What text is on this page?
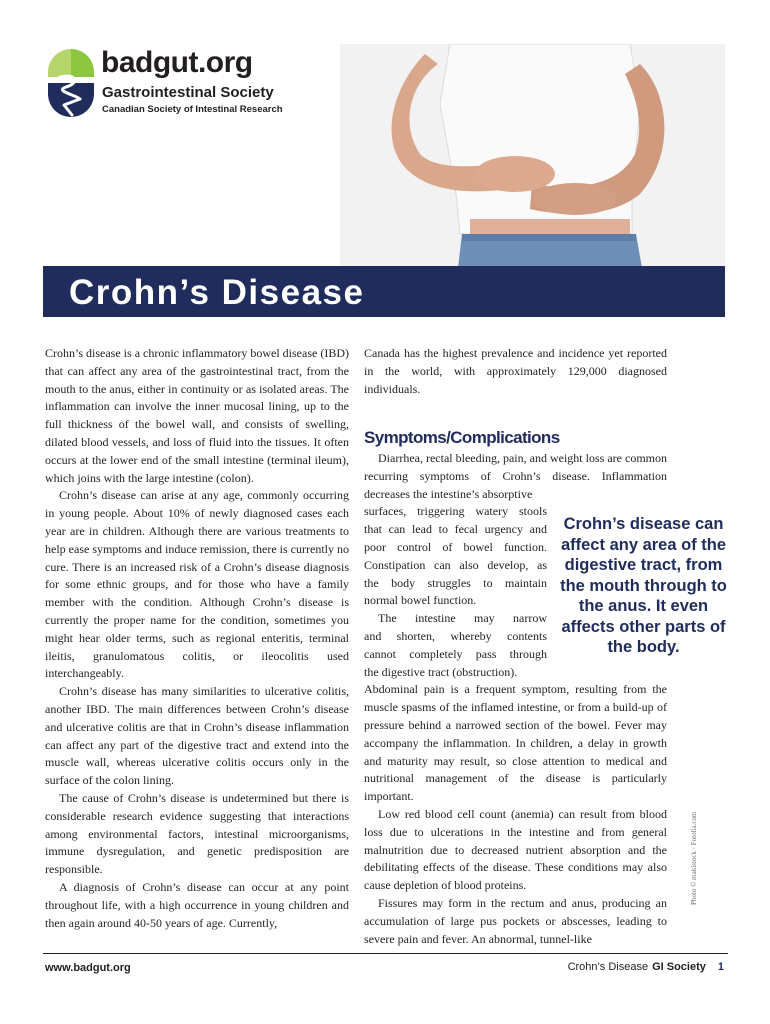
badgut.org
Gastrointestinal Society
Canadian Society of Intestinal Research
Crohn’s Disease

Crohn’s disease is a chronic inflammatory bowel disease (IBD) that can affect any area of the gastrointestinal tract, from the mouth to the anus, either in continuity or as isolated areas. The inflammation can involve the inner mucosal lining, up to the full thickness of the bowel wall, and consists of swelling, dilated blood vessels, and loss of fluid into the tissues. It often occurs at the lower end of the small intestine (terminal ileum), which joins with the large intestine (colon).

Crohn’s disease can arise at any age, commonly occurring in young people. About 10% of newly diagnosed cases each year are in children. Although there are various treatments to help ease symptoms and induce remission, there is currently no cure. There is an increased risk of a Crohn’s disease diagnosis for some ethnic groups, and for those who have a family member with the condition. Although Crohn’s disease is currently the proper name for the condition, sometimes you might hear older terms, such as regional enteritis, terminal ileitis, granulomatous colitis, or ileocolitis used interchangeably.

Crohn’s disease has many similarities to ulcerative colitis, another IBD. The main differences between Crohn’s disease and ulcerative colitis are that in Crohn’s disease inflammation can affect any part of the digestive tract and extend into the muscle wall, whereas ulcerative colitis occurs only in the surface of the colon lining.

The cause of Crohn’s disease is undetermined but there is considerable research evidence suggesting that interactions among environmental factors, intestinal microorganisms, immune dysregulation, and genetic predisposition are responsible.

A diagnosis of Crohn’s disease can occur at any point throughout life, with a high occurrence in young children and then again around 40-50 years of age. Currently,

Canada has the highest prevalence and incidence yet reported in the world, with approximately 129,000 diagnosed individuals.

Symptoms/Complications

Diarrhea, rectal bleeding, pain, and weight loss are common recurring symptoms of Crohn’s disease. Inflammation decreases the intestine’s absorptive

surfaces, triggering watery stools
that can lead to fecal urgency and
poor control of bowel function.
Constipation can also develop, as
the body struggles to maintain
normal bowel function.
The intestine may narrow
and shorten, whereby contents
cannot completely pass through
the digestive tract (obstruction).

Abdominal pain is a frequent symptom, resulting from the muscle spasms of the inflamed intestine, or from a build-up of pressure behind a narrowed section of the bowel. Fever may accompany the inflammation. In children, a delay in growth and maturity may result, so close attention to medical and nutritional management of the disease is particularly important.

Low red blood cell count (anemia) can result from blood loss due to ulcerations in the intestine and from general malnutrition due to decreased nutrient absorption and the debilitating effects of the disease. These conditions may also cause depletion of blood proteins.

Fissures may form in the rectum and anus, producing an accumulation of large pus pockets or abscesses, leading to severe pain and fever. An abnormal, tunnel-like

Crohn’s disease can affect any area of the digestive tract, from the mouth through to the anus. It even affects other parts of the body.
Photo © makistock · Fotolia.com
www.badgut.org	Crohn’s Disease GI Society 1
